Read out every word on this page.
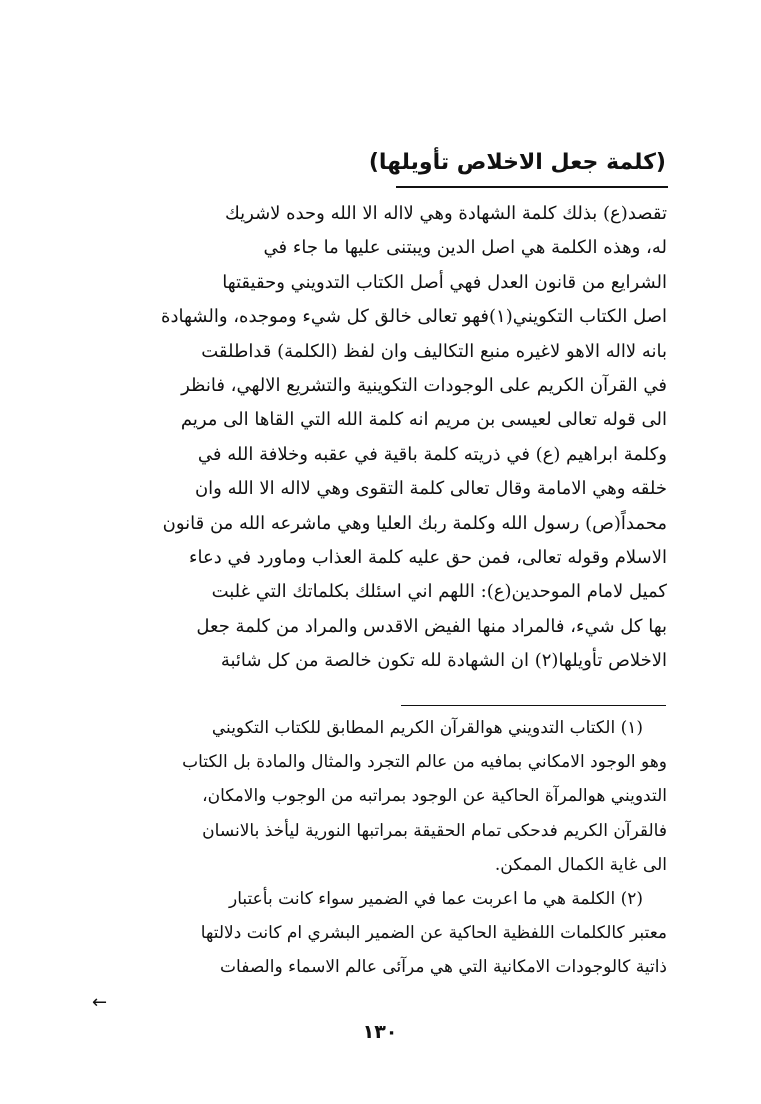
(كلمة جعل الاخلاص تأويلها)
تقصد(ع) بذلك كلمة الشهادة وهي لااله الا الله وحده لاشريك
له، وهذه الكلمة هي اصل الدين ويبتنى عليها ما جاء في
الشرايع من قانون العدل فهي أصل الكتاب التدويني وحقيقتها
اصل الكتاب التكويني(١)فهو تعالى خالق كل شيء وموجده، والشهادة
بانه لااله الاهو لاغيره منبع التكاليف وان لفظ (الكلمة) قداطلقت
في القرآن الكريم على الوجودات التكوينية والتشريع الالهي، فانظر
الى قوله تعالى لعيسى بن مريم انه كلمة الله التي القاها الى مريم
وكلمة ابراهيم (ع) في ذريته كلمة باقية في عقبه وخلافة الله في
خلقه وهي الامامة وقال تعالى كلمة التقوى وهي لااله الا الله وان
محمداً(ص) رسول الله وكلمة ربك العليا وهي ماشرعه الله من قانون
الاسلام وقوله تعالى، فمن حق عليه كلمة العذاب وماورد في دعاء
كميل لامام الموحدين(ع): اللهم اني اسئلك بكلماتك التي غلبت
بها كل شيء، فالمراد منها الفيض الاقدس والمراد من كلمة جعل
الاخلاص تأويلها(٢) ان الشهادة لله تكون خالصة من كل شائبة
(١) الكتاب التدويني هوالقرآن الكريم المطابق للكتاب التكويني
وهو الوجود الامكاني بمافيه من عالم التجرد والمثال والمادة بل الكتاب
التدويني هوالمرآة الحاكية عن الوجود بمراتبه من الوجوب والامكان،
فالقرآن الكريم فدحكى تمام الحقيقة بمراتبها النورية ليأخذ بالانسان
الى غاية الكمال الممكن.
(٢) الكلمة هي ما اعربت عما في الضمير سواء كانت بأعتبار
معتبر كالكلمات اللفظية الحاكية عن الضمير البشري ام كانت دلالتها
ذاتية كالوجودات الامكانية التي هي مرآئى عالم الاسماء والصفات
←
١٣٠
